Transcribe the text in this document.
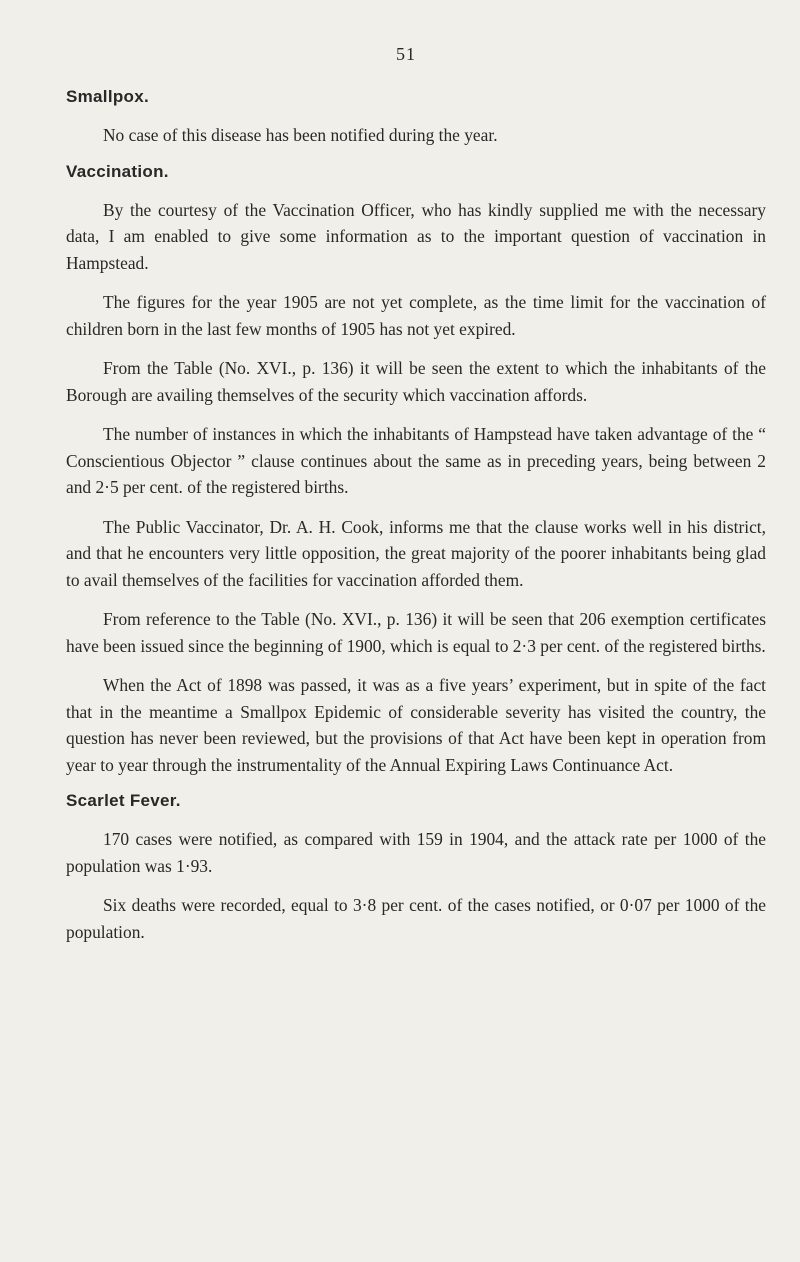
51
Smallpox.

No case of this disease has been notified during the year.

Vaccination.

By the courtesy of the Vaccination Officer, who has kindly supplied me with the necessary data, I am enabled to give some information as to the important question of vaccination in Hampstead.

The figures for the year 1905 are not yet complete, as the time limit for the vaccination of children born in the last few months of 1905 has not yet expired.

From the Table (No. XVI., p. 136) it will be seen the extent to which the inhabitants of the Borough are availing themselves of the security which vaccination affords.

The number of instances in which the inhabitants of Hampstead have taken advantage of the “ Conscientious Objector ” clause continues about the same as in preceding years, being between 2 and 2·5 per cent. of the registered births.

The Public Vaccinator, Dr. A. H. Cook, informs me that the clause works well in his district, and that he encounters very little opposition, the great majority of the poorer inhabitants being glad to avail themselves of the facilities for vaccination afforded them.

From reference to the Table (No. XVI., p. 136) it will be seen that 206 exemption certificates have been issued since the beginning of 1900, which is equal to 2·3 per cent. of the registered births.

When the Act of 1898 was passed, it was as a five years’ experiment, but in spite of the fact that in the meantime a Smallpox Epidemic of considerable severity has visited the country, the question has never been reviewed, but the provisions of that Act have been kept in operation from year to year through the instrumentality of the Annual Expiring Laws Continuance Act.

Scarlet Fever.

170 cases were notified, as compared with 159 in 1904, and the attack rate per 1000 of the population was 1·93.

Six deaths were recorded, equal to 3·8 per cent. of the cases notified, or 0·07 per 1000 of the population.
